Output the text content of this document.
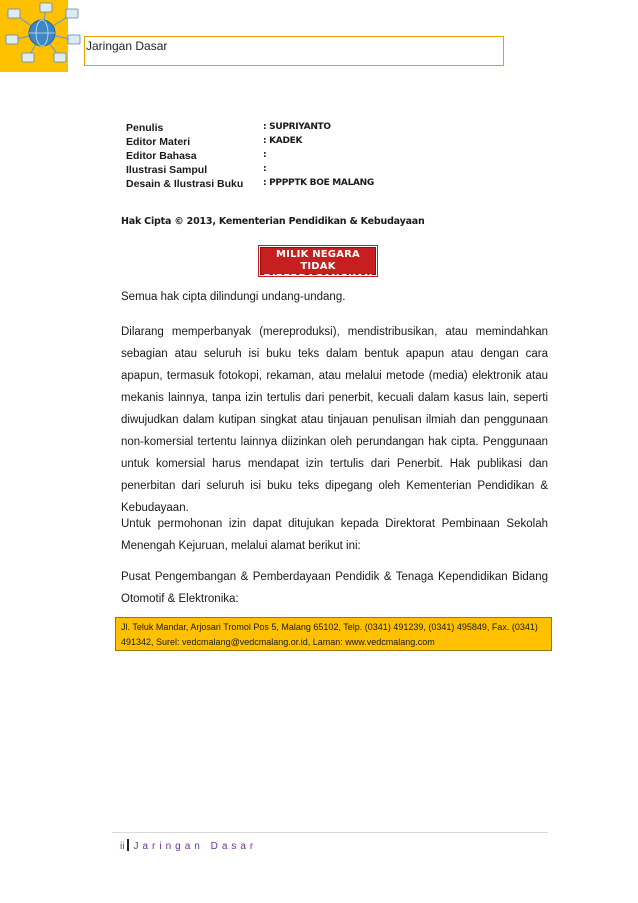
Jaringan Dasar
Penulis	: SUPRIYANTO
Editor Materi	: KADEK
Editor Bahasa	:
Ilustrasi Sampul	:
Desain & Ilustrasi Buku : PPPPTK BOE MALANG
Hak Cipta © 2013, Kementerian Pendidikan & Kebudayaan
MILIK NEGARA
TIDAK DIPERDAGANGKAN
Semua hak cipta dilindungi undang-undang.
Dilarang memperbanyak (mereproduksi), mendistribusikan, atau memindahkan sebagian atau seluruh isi buku teks dalam bentuk apapun atau dengan cara apapun, termasuk fotokopi, rekaman, atau melalui metode (media) elektronik atau mekanis lainnya, tanpa izin tertulis dari penerbit, kecuali dalam kasus lain, seperti diwujudkan dalam kutipan singkat atau tinjauan penulisan ilmiah dan penggunaan non-komersial tertentu lainnya diizinkan oleh perundangan hak cipta. Penggunaan untuk komersial harus mendapat izin tertulis dari Penerbit. Hak publikasi dan penerbitan dari seluruh isi buku teks dipegang oleh Kementerian Pendidikan & Kebudayaan.
Untuk permohonan izin dapat ditujukan kepada Direktorat Pembinaan Sekolah Menengah Kejuruan, melalui alamat berikut ini:
Pusat Pengembangan & Pemberdayaan Pendidik & Tenaga Kependidikan Bidang Otomotif & Elektronika:
Jl. Teluk Mandar, Arjosari Tromol Pos 5, Malang 65102, Telp. (0341) 491239, (0341) 495849, Fax. (0341) 491342, Surel: vedcmalang@vedcmalang.or.id, Laman: www.vedcmalang.com
ii Jaringan Dasar
